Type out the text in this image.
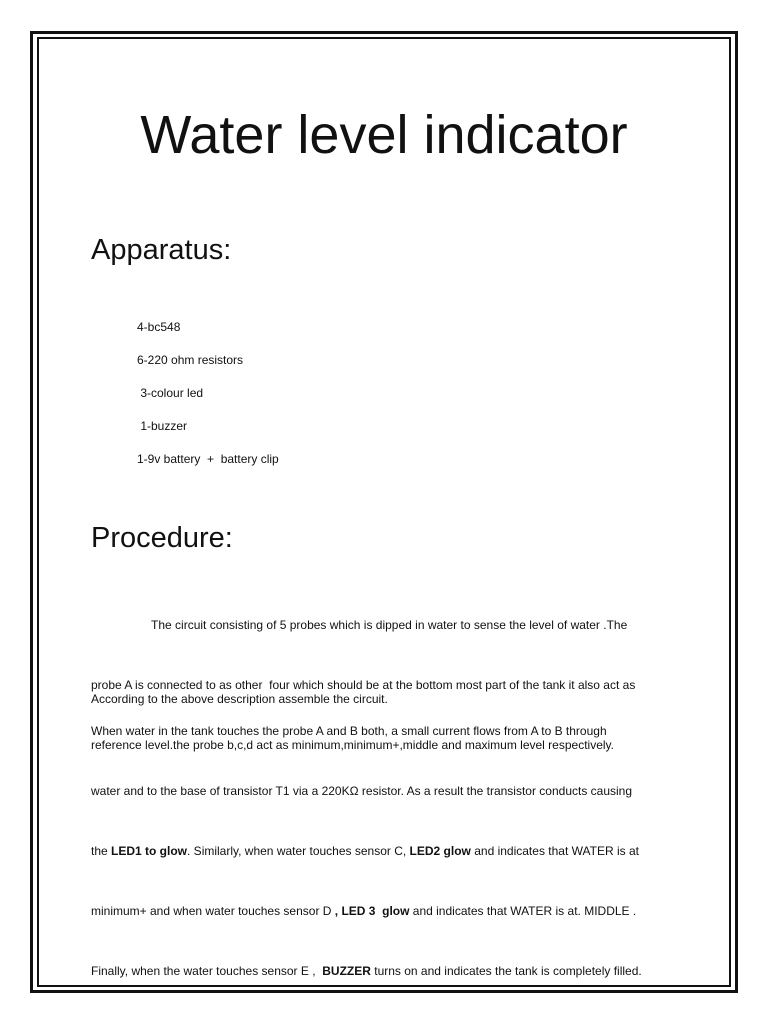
Water level indicator
Apparatus:
4-bc548
6-220 ohm resistors
3-colour led
1-buzzer
1-9v battery  +  battery clip
Procedure:

The circuit consisting of 5 probes which is dipped in water to sense the level of water .The

probe A is connected to as other  four which should be at the bottom most part of the tank it also act as

reference level.the probe b,c,d act as minimum,minimum+,middle and maximum level respectively.

According to the above description assemble the circuit.

When water in the tank touches the probe A and B both, a small current flows from A to B through

water and to the base of transistor T1 via a 220KΩ resistor. As a result the transistor conducts causing

the LED1 to glow. Similarly, when water touches sensor C, LED2 glow and indicates that WATER is at

minimum+ and when water touches sensor D , LED 3  glow and indicates that WATER is at. MIDDLE .

Finally, when the water touches sensor E ,  BUZZER turns on and indicates the tank is completely filled.
